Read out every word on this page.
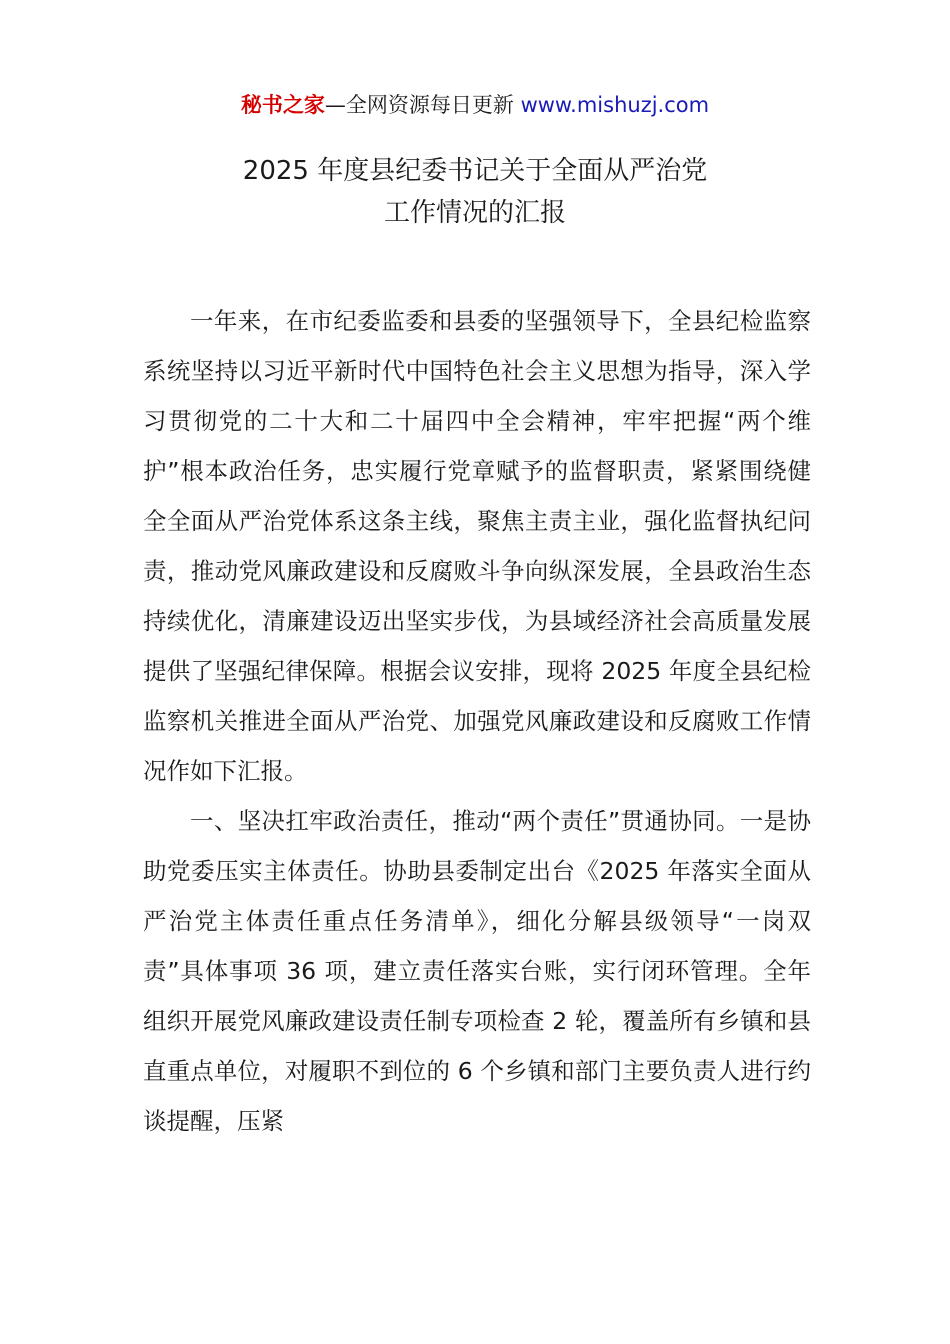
秘书之家—全网资源每日更新 www.mishuzj.com
2025 年度县纪委书记关于全面从严治党
工作情况的汇报

一年来，在市纪委监委和县委的坚强领导下，全县纪检监察系统坚持以习近平新时代中国特色社会主义思想为指导，深入学习贯彻党的二十大和二十届四中全会精神，牢牢把握“两个维护”根本政治任务，忠实履行党章赋予的监督职责，紧紧围绕健全全面从严治党体系这条主线，聚焦主责主业，强化监督执纪问责，推动党风廉政建设和反腐败斗争向纵深发展，全县政治生态持续优化，清廉建设迈出坚实步伐，为县域经济社会高质量发展提供了坚强纪律保障。根据会议安排，现将 2025 年度全县纪检监察机关推进全面从严治党、加强党风廉政建设和反腐败工作情况作如下汇报。

一、坚决扛牢政治责任，推动“两个责任”贯通协同。一是协助党委压实主体责任。协助县委制定出台《2025 年落实全面从严治党主体责任重点任务清单》，细化分解县级领导“一岗双责”具体事项 36 项，建立责任落实台账，实行闭环管理。全年组织开展党风廉政建设责任制专项检查 2 轮，覆盖所有乡镇和县直重点单位，对履职不到位的 6 个乡镇和部门主要负责人进行约谈提醒，压紧
